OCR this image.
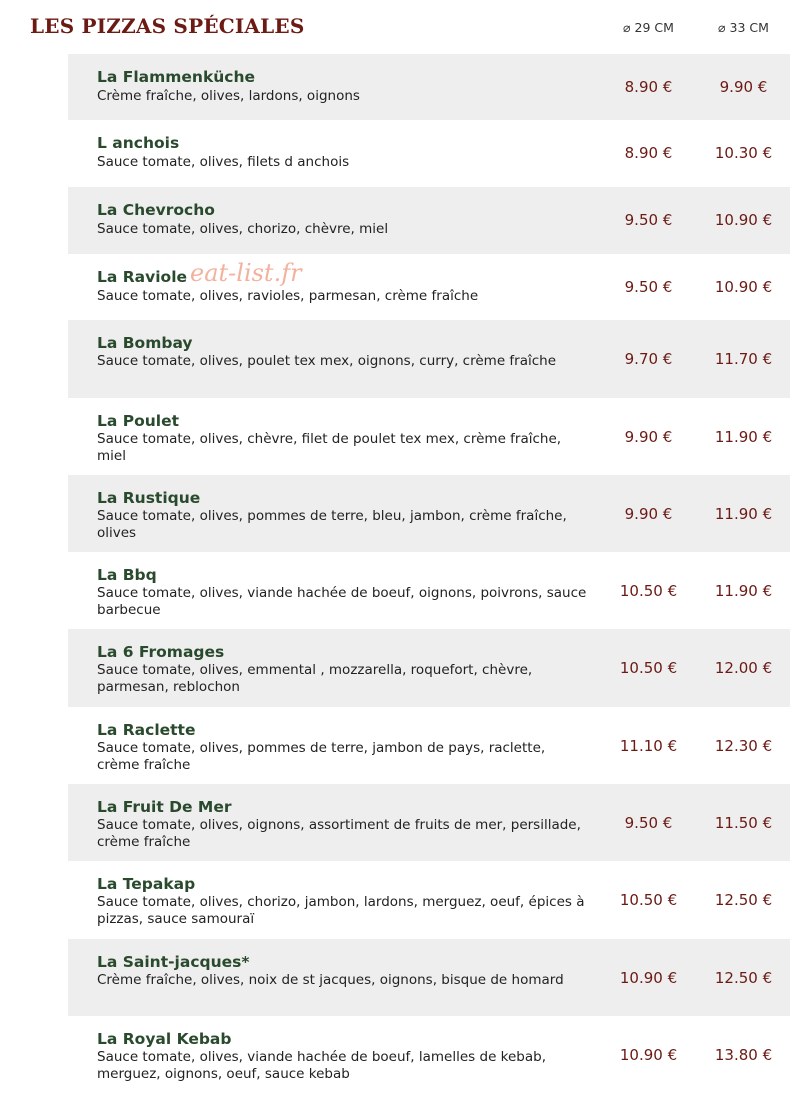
LES PIZZAS SPÉCIALES	⌀ 29 CM	⌀ 33 CM
La Flammenküche
Crème fraîche, olives, lardons, oignons	8.90 €	9.90 €
L anchois
Sauce tomate, olives, filets d anchois	8.90 €	10.30 €
La Chevrocho
Sauce tomate, olives, chorizo, chèvre, miel	9.50 €	10.90 €
La Raviole
Sauce tomate, olives, ravioles, parmesan, crème fraîche	9.50 €	10.90 €
La Bombay
Sauce tomate, olives, poulet tex mex, oignons, curry, crème fraîche	9.70 €	11.70 €
La Poulet
Sauce tomate, olives, chèvre, filet de poulet tex mex, crème fraîche, miel
9.90 €	11.90 €
La Rustique
Sauce tomate, olives, pommes de terre, bleu, jambon, crème fraîche, olives
9.90 €	11.90 €
La Bbq
Sauce tomate, olives, viande hachée de boeuf, oignons, poivrons, sauce barbecue
10.50 €	11.90 €
La 6 Fromages
Sauce tomate, olives, emmental , mozzarella, roquefort, chèvre, parmesan, reblochon
10.50 €	12.00 €
La Raclette
Sauce tomate, olives, pommes de terre, jambon de pays, raclette, crème fraîche
11.10 €	12.30 €
La Fruit De Mer
Sauce tomate, olives, oignons, assortiment de fruits de mer, persillade, crème fraîche
9.50 €	11.50 €
La Tepakap
Sauce tomate, olives, chorizo, jambon, lardons, merguez, oeuf, épices à pizzas, sauce samouraï
10.50 €	12.50 €
La Saint-jacques*
Crème fraîche, olives, noix de st jacques, oignons, bisque de homard	10.90 €	12.50 €
La Royal Kebab
Sauce tomate, olives, viande hachée de boeuf, lamelles de kebab, merguez, oignons, oeuf, sauce kebab
10.90 €	13.80 €
eat-list.fr
